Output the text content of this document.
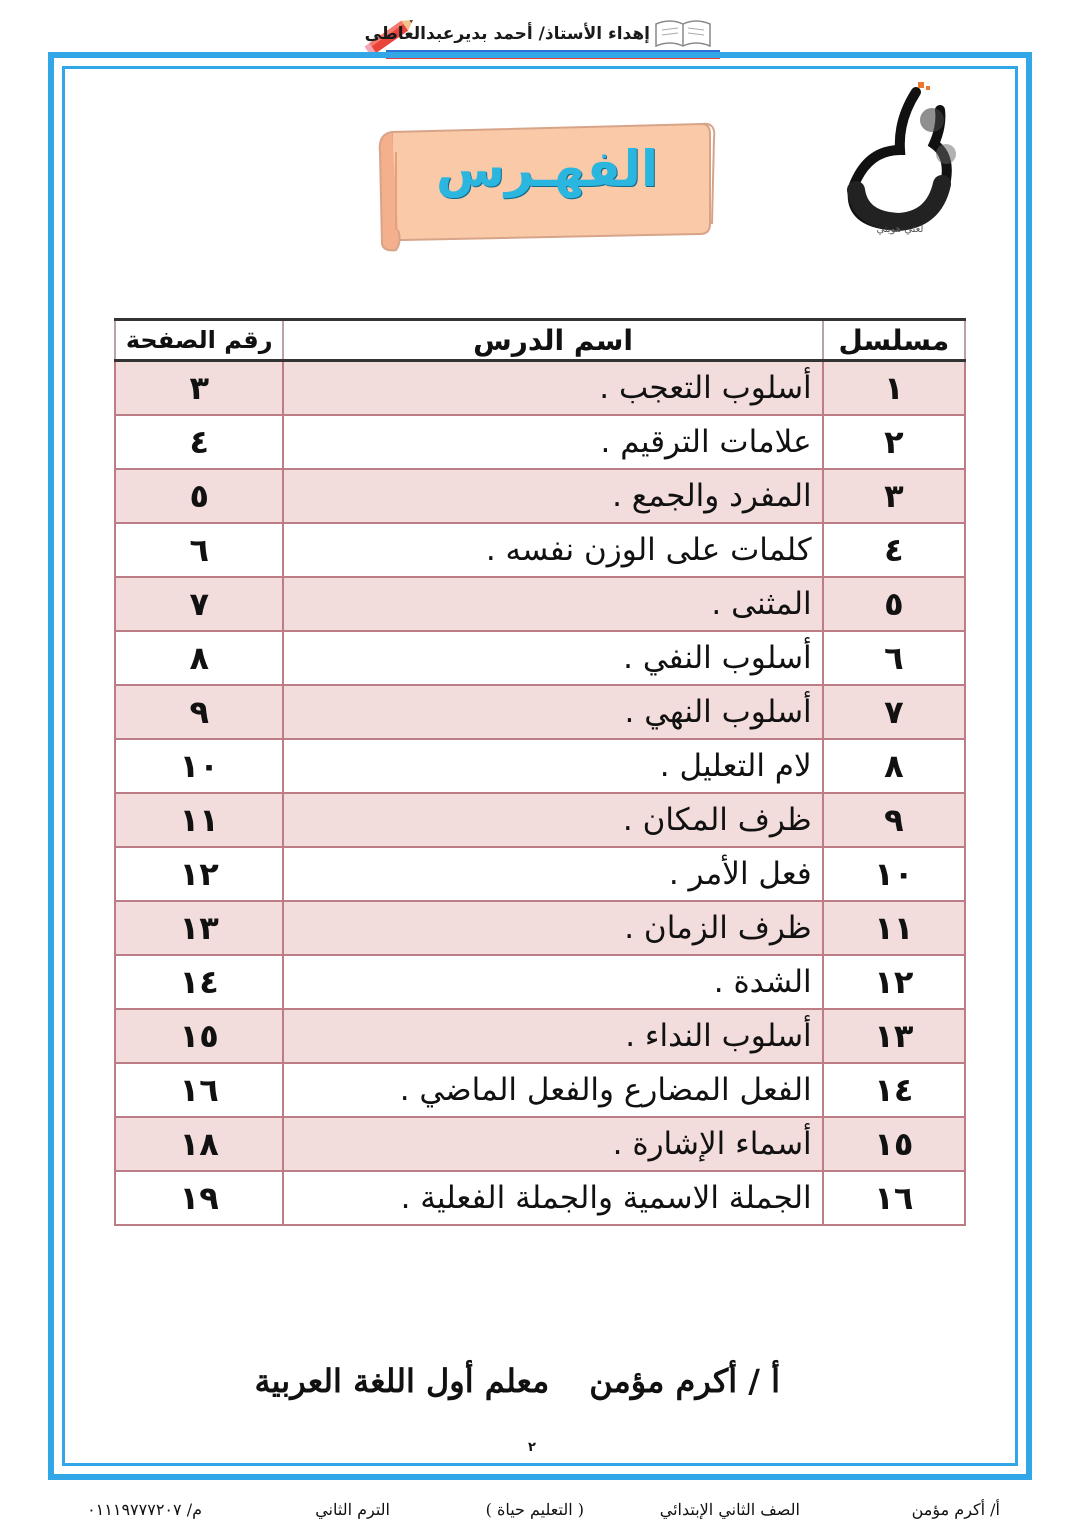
إهداء الأستاذ/ أحمد بديرعبدالعاطى
لغتي هويتي
الفهـرس
مسلسل	اسم الدرس	رقم الصفحة
١	أسلوب التعجب .	٣
٢	علامات الترقيم .	٤
٣	المفرد والجمع .	٥
٤	كلمات على الوزن نفسه .	٦
٥	المثنى .	٧
٦	أسلوب النفي .	٨
٧	أسلوب النهي .	٩
٨	لام التعليل .	١٠
٩	ظرف المكان .	١١
١٠	فعل الأمر .	١٢
١١	ظرف الزمان .	١٣
١٢	الشدة .	١٤
١٣	أسلوب النداء .	١٥
١٤	الفعل المضارع والفعل الماضي .	١٦
١٥	أسماء الإشارة .	١٨
١٦	الجملة الاسمية والجملة الفعلية .	١٩
أ / أكرم مؤمنمعلم أول اللغة العربية
٢
أ/ أكرم مؤمن
الصف الثاني الإبتدائي
( التعليم حياة )
الترم الثاني
م/ ٠١١١٩٧٧٧٢٠٧
